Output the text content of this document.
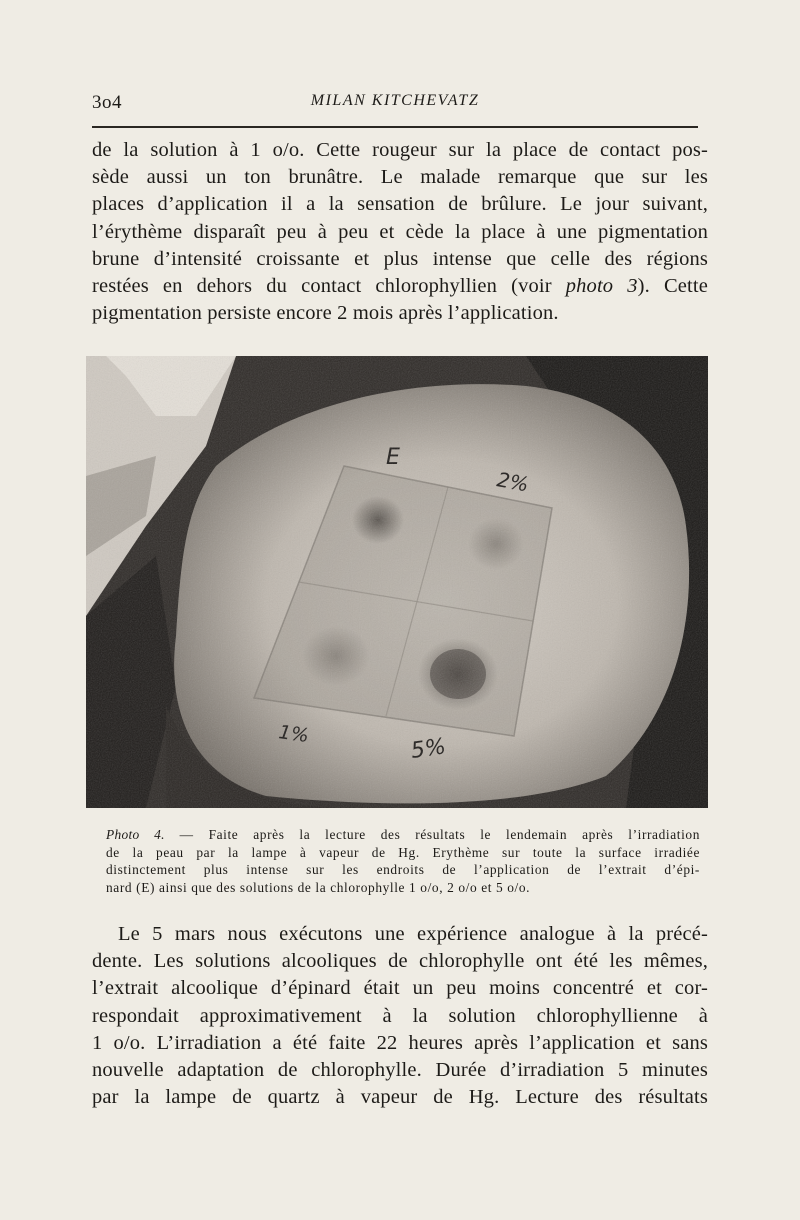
3o4	MILAN KITCHEVATZ
de la solution à 1 o/o. Cette rougeur sur la place de contact pos-
sède aussi un ton brunâtre. Le malade remarque que sur les
places d’application il a la sensation de brûlure. Le jour suivant,
l’érythème disparaît peu à peu et cède la place à une pigmentation
brune d’intensité croissante et plus intense que celle des régions
restées en dehors du contact chlorophyllien (voir photo 3). Cette
pigmentation persiste encore 2 mois après l’application.
Photo 4. — Faite après la lecture des résultats le lendemain après l’irradiation
de la peau par la lampe à vapeur de Hg. Erythème sur toute la surface irradiée
distinctement plus intense sur les endroits de l’application de l’extrait d’épi-
nard (E) ainsi que des solutions de la chlorophylle 1 o/o, 2 o/o et 5 o/o.
Le 5 mars nous exécutons une expérience analogue à la précé-
dente. Les solutions alcooliques de chlorophylle ont été les mêmes,
l’extrait alcoolique d’épinard était un peu moins concentré et cor-
respondait approximativement à la solution chlorophyllienne à
1 o/o. L’irradiation a été faite 22 heures après l’application et sans
nouvelle adaptation de chlorophylle. Durée d’irradiation 5 minutes
par la lampe de quartz à vapeur de Hg. Lecture des résultats
